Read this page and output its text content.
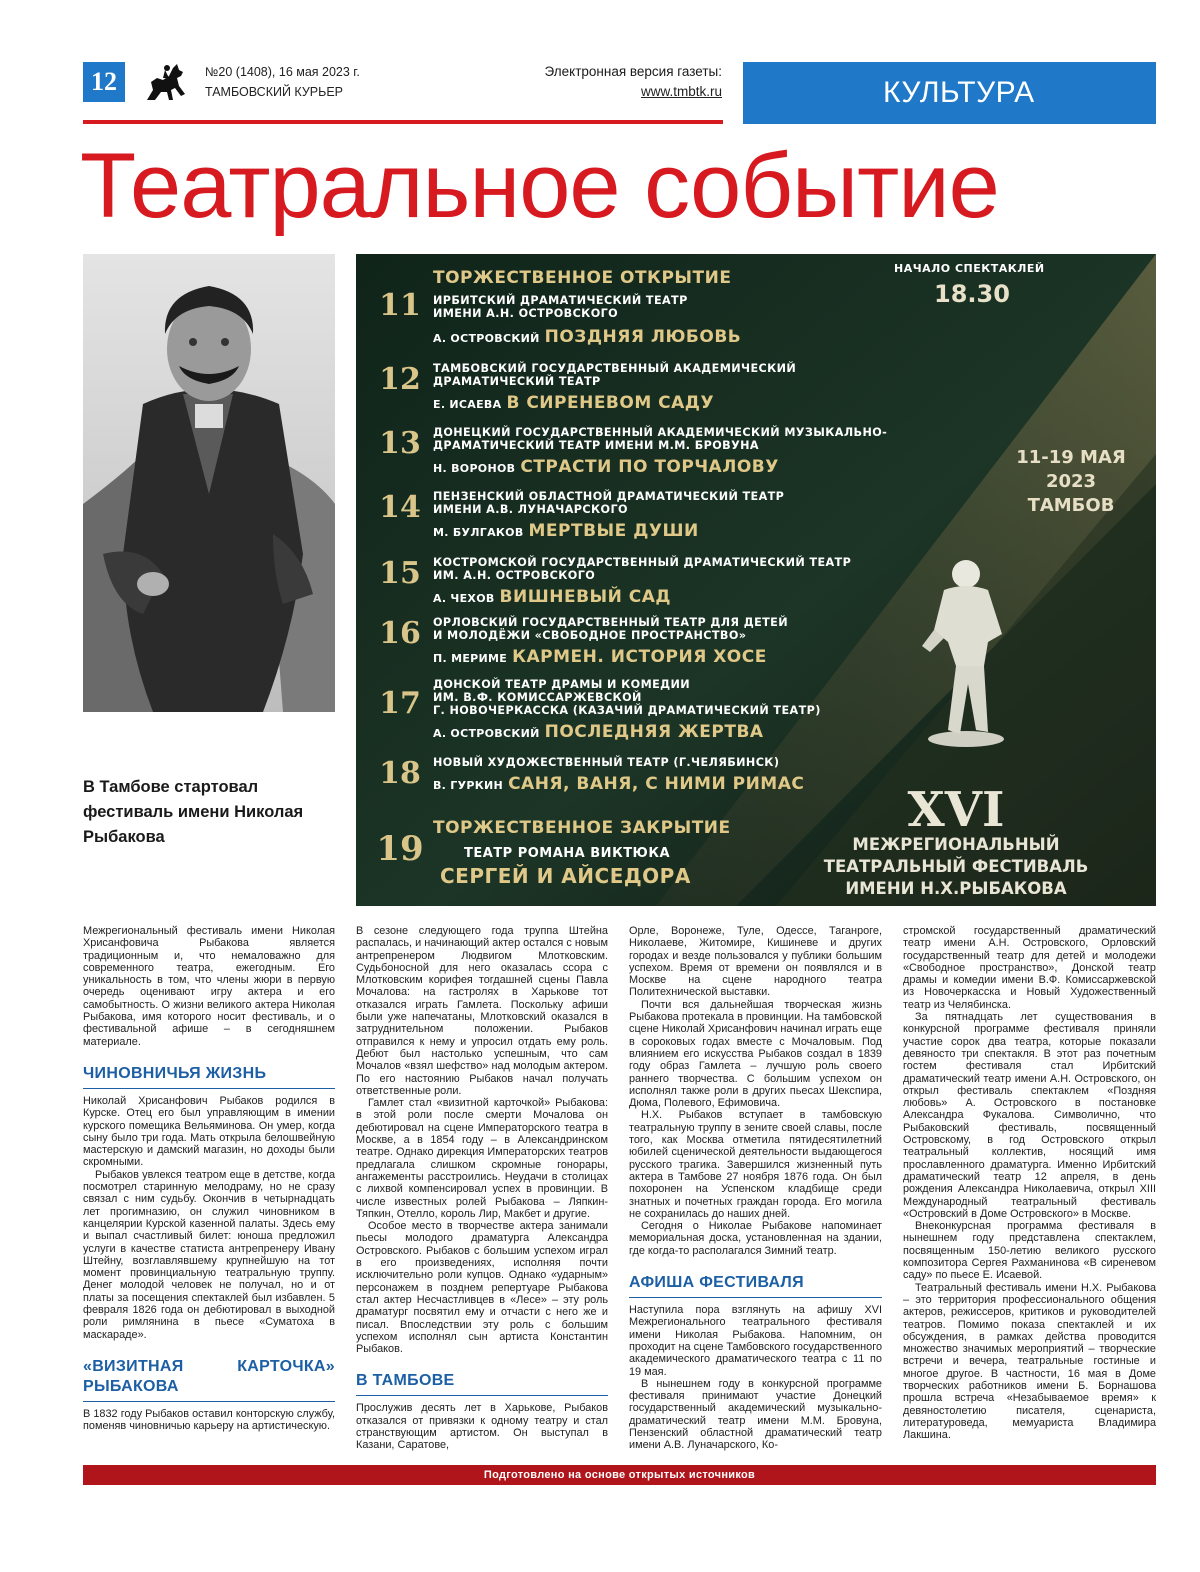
12	№20 (1408), 16 мая 2023 г.
ТАМБОВСКИЙ КУРЬЕР
Электронная версия газеты:
www.tmbtk.ru	КУЛЬТУРА
Театральное событие
В Тамбове стартовал фестиваль имени Николая Рыбакова
ТОРЖЕСТВЕННОЕ ОТКРЫТИЕ	НАЧАЛО СПЕКТАКЛЕЙ
18.30
11	ИРБИТСКИЙ ДРАМАТИЧЕСКИЙ ТЕАТР
ИМЕНИ А.Н. ОСТРОВСКОГО
А. ОСТРОВСКИЙ ПОЗДНЯЯ ЛЮБОВЬ
12	ТАМБОВСКИЙ ГОСУДАРСТВЕННЫЙ АКАДЕМИЧЕСКИЙ
ДРАМАТИЧЕСКИЙ ТЕАТР
Е. ИСАЕВА В СИРЕНЕВОМ САДУ
13	ДОНЕЦКИЙ ГОСУДАРСТВЕННЫЙ АКАДЕМИЧЕСКИЙ МУЗЫКАЛЬНО-
ДРАМАТИЧЕСКИЙ ТЕАТР ИМЕНИ М.М. БРОВУНА
Н. ВОРОНОВ СТРАСТИ ПО ТОРЧАЛОВУ
14	ПЕНЗЕНСКИЙ ОБЛАСТНОЙ ДРАМАТИЧЕСКИЙ ТЕАТР
ИМЕНИ А.В. ЛУНАЧАРСКОГО
М. БУЛГАКОВ МЕРТВЫЕ ДУШИ
15	КОСТРОМСКОЙ ГОСУДАРСТВЕННЫЙ ДРАМАТИЧЕСКИЙ ТЕАТР
ИМ. А.Н. ОСТРОВСКОГО
А. ЧЕХОВ ВИШНЕВЫЙ САД
16	ОРЛОВСКИЙ ГОСУДАРСТВЕННЫЙ ТЕАТР ДЛЯ ДЕТЕЙ
И МОЛОДЁЖИ «СВОБОДНОЕ ПРОСТРАНСТВО»
П. МЕРИМЕ КАРМЕН. ИСТОРИЯ ХОСЕ
17
ДОНСКОЙ ТЕАТР ДРАМЫ И КОМЕДИИ
ИМ. В.Ф. КОМИССАРЖЕВСКОЙ
Г. НОВОЧЕРКАССКА (КАЗАЧИЙ ДРАМАТИЧЕСКИЙ ТЕАТР)
А. ОСТРОВСКИЙ ПОСЛЕДНЯЯ ЖЕРТВА
18	НОВЫЙ ХУДОЖЕСТВЕННЫЙ ТЕАТР (Г.ЧЕЛЯБИНСК)
В. ГУРКИН САНЯ, ВАНЯ, С НИМИ РИМАС
11-19 МАЯ
2023
ТАМБОВ
19
ТОРЖЕСТВЕННОЕ ЗАКРЫТИЕ
ТЕАТР РОМАНА ВИКТЮКА
СЕРГЕЙ И АЙСЕДОРА
XVI
МЕЖРЕГИОНАЛЬНЫЙ
ТЕАТРАЛЬНЫЙ ФЕСТИВАЛЬ
ИМЕНИ Н.Х.РЫБАКОВА

Межрегиональный фестиваль имени Николая Хрисанфовича Рыбакова является традиционным и, что немаловажно для современного театра, ежегодным. Его уникальность в том, что члены жюри в первую очередь оценивают игру актера и его самобытность. О жизни великого актера Николая Рыбакова, имя которого носит фестиваль, и о фестивальной афише – в сегодняшнем материале.

ЧИНОВНИЧЬЯ ЖИЗНЬ

Николай Хрисанфович Рыбаков родился в Курске. Отец его был управляющим в имении курского помещика Вельяминова. Он умер, когда сыну было три года. Мать открыла белошвейную мастерскую и дамский магазин, но доходы были скромными.

Рыбаков увлекся театром еще в детстве, когда посмотрел старинную мелодраму, но не сразу связал с ним судьбу. Окончив в четырнадцать лет прогимназию, он служил чиновником в канцелярии Курской казенной палаты. Здесь ему и выпал счастливый билет: юноша предложил услуги в качестве статиста антрепренеру Ивану Штейну, возглавлявшему крупнейшую на тот момент провинциальную театральную труппу. Денег молодой человек не получал, но и от платы за посещения спектаклей был избавлен. 5 февраля 1826 года он дебютировал в выходной роли римлянина в пьесе «Суматоха в маскараде».

«ВИЗИТНАЯ КАРТОЧКА» РЫБАКОВА

В 1832 году Рыбаков оставил конторскую службу, поменяв чиновничью карьеру на артистическую.

В сезоне следующего года труппа Штейна распалась, и начинающий актер остался с новым антрепренером Людвигом Млотковским. Судьбоносной для него оказалась ссора с Млотковским корифея тогдашней сцены Павла Мочалова: на гастролях в Харькове тот отказался играть Гамлета. Поскольку афиши были уже напечатаны, Млотковский оказался в затруднительном положении. Рыбаков отправился к нему и упросил отдать ему роль. Дебют был настолько успешным, что сам Мочалов «взял шефство» над молодым актером. По его настоянию Рыбаков начал получать ответственные роли.

Гамлет стал «визитной карточкой» Рыбакова: в этой роли после смерти Мочалова он дебютировал на сцене Императорского театра в Москве, а в 1854 году – в Александринском театре. Однако дирекция Императорских театров предлагала слишком скромные гонорары, ангажементы расстроились. Неудачи в столицах с лихвой компенсировал успех в провинции. В числе известных ролей Рыбакова – Ляпкин-Тяпкин, Отелло, король Лир, Макбет и другие.

Особое место в творчестве актера занимали пьесы молодого драматурга Александра Островского. Рыбаков с большим успехом играл в его произведениях, исполняя почти исключительно роли купцов. Однако «ударным» персонажем в позднем репертуаре Рыбакова стал актер Несчастливцев в «Лесе» – эту роль драматург посвятил ему и отчасти с него же и писал. Впоследствии эту роль с большим успехом исполнял сын артиста Константин Рыбаков.

В ТАМБОВЕ

Прослужив десять лет в Харькове, Рыбаков отказался от привязки к одному театру и стал странствующим артистом. Он выступал в Казани, Саратове,

Орле, Воронеже, Туле, Одессе, Таганроге, Николаеве, Житомире, Кишиневе и других городах и везде пользовался у публики большим успехом. Время от времени он появлялся и в Москве на сцене народного театра Политехнической выставки.

Почти вся дальнейшая творческая жизнь Рыбакова протекала в провинции. На тамбовской сцене Николай Хрисанфович начинал играть еще в сороковых годах вместе с Мочаловым. Под влиянием его искусства Рыбаков создал в 1839 году образ Гамлета – лучшую роль своего раннего творчества. С большим успехом он исполнял также роли в других пьесах Шекспира, Дюма, Полевого, Ефимовича.

Н.Х. Рыбаков вступает в тамбовскую театральную труппу в зените своей славы, после того, как Москва отметила пятидесятилетний юбилей сценической деятельности выдающегося русского трагика. Завершился жизненный путь актера в Тамбове 27 ноября 1876 года. Он был похоронен на Успенском кладбище среди знатных и почетных граждан города. Его могила не сохранилась до наших дней.

Сегодня о Николае Рыбакове напоминает мемориальная доска, установленная на здании, где когда-то располагался Зимний театр.

АФИША ФЕСТИВАЛЯ

Наступила пора взглянуть на афишу XVI Межрегионального театрального фестиваля имени Николая Рыбакова. Напомним, он проходит на сцене Тамбовского государственного академического драматического театра с 11 по 19 мая.

В нынешнем году в конкурсной программе фестиваля принимают участие Донецкий государственный академический музыкально-драматический театр имени М.М. Бровуна, Пензенский областной драматический театр имени А.В. Луначарского, Ко-

стромской государственный драматический театр имени А.Н. Островского, Орловский государственный театр для детей и молодежи «Свободное пространство», Донской театр драмы и комедии имени В.Ф. Комиссаржевской из Новочеркасска и Новый Художественный театр из Челябинска.

За пятнадцать лет существования в конкурсной программе фестиваля приняли участие сорок два театра, которые показали девяносто три спектакля. В этот раз почетным гостем фестиваля стал Ирбитский драматический театр имени А.Н. Островского, он открыл фестиваль спектаклем «Поздняя любовь» А. Островского в постановке Александра Фукалова. Символично, что Рыбаковский фестиваль, посвященный Островскому, в год Островского открыл театральный коллектив, носящий имя прославленного драматурга. Именно Ирбитский драматический театр 12 апреля, в день рождения Александра Николаевича, открыл XIII Международный театральный фестиваль «Островский в Доме Островского» в Москве.

Внеконкурсная программа фестиваля в нынешнем году представлена спектаклем, посвященным 150-летию великого русского композитора Сергея Рахманинова «В сиреневом саду» по пьесе Е. Исаевой.

Театральный фестиваль имени Н.Х. Рыбакова – это территория профессионального общения актеров, режиссеров, критиков и руководителей театров. Помимо показа спектаклей и их обсуждения, в рамках действа проводится множество значимых мероприятий – творческие встречи и вечера, театральные гостиные и многое другое. В частности, 16 мая в Доме творческих работников имени Б. Борнашова прошла встреча «Незабываемое время» к девяностолетию писателя, сценариста, литературоведа, мемуариста Владимира Лакшина.

Подготовлено на основе открытых источников
